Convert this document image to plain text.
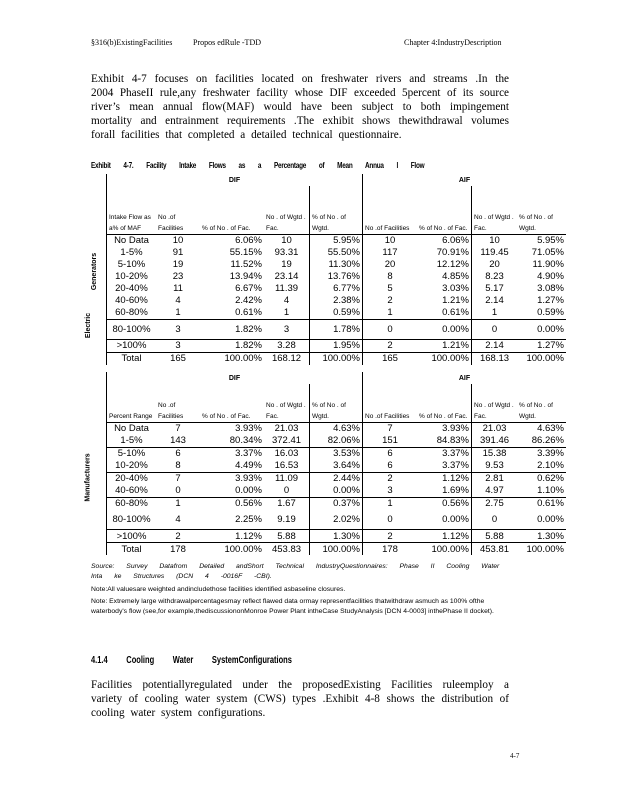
§316(b)ExistingFacilities	Propos edRule -TDD	Chapter 4:IndustryDescription
Exhibit 4-7 focuses on facilities located on freshwater rivers and streams .In the 2004 PhaseII rule,any freshwater facility whose DIF exceeded 5percent of its source river’s mean annual flow(MAF) would have been subject to both impingement mortality and entrainment requirements .The exhibit shows thewithdrawal volumes forall facilities that completed a detailed technical questionnaire.
Exhibit 4-7. Facility Intake Flows as a Percentage of Mean Annua l Flow
Generators
Electric	DIF					AIF			
	Intake Flow as a% of MAF	No .of Facilities	% of No . of Fac.	No . of Wgtd . Fac.	% of No . of Wgtd.	No .of Facilities	% of No . of Fac.	No . of Wgtd . Fac.	% of No . of Wgtd.
	No Data	10	6.06%	10	5.95%	10	6.06%	10	5.95%
	1-5%	91	55.15%	93.31	55.50%	117	70.91%	119.45	71.05%
	5-10%	19	11.52%	19	11.30%	20	12.12%	20	11.90%
	10-20%	23	13.94%	23.14	13.76%	8	4.85%	8.23	4.90%
	20-40%	11	6.67%	11.39	6.77%	5	3.03%	5.17	3.08%
	40-60%	4	2.42%	4	2.38%	2	1.21%	2.14	1.27%
	60-80%	1	0.61%	1	0.59%	1	0.61%	1	0.59%
	80-100%	3	1.82%	3	1.78%	0	0.00%	0	0.00%
	>100%	3	1.82%	3.28	1.95%	2	1.21%	2.14	1.27%
	Total	165	100.00%	168.12	100.00%	165	100.00%	168.13	100.00%
Manufacturers	DIF					AIF			
	Percent Range	No .of Facilities	% of No . of Fac.	No . of Wgtd . Fac.	% of No . of Wgtd.	No .of Facilities	% of No . of Fac.	No . of Wgtd . Fac.	% of No . of Wgtd.
	No Data	7	3.93%	21.03	4.63%	7	3.93%	21.03	4.63%
	1-5%	143	80.34%	372.41	82.06%	151	84.83%	391.46	86.26%
	5-10%	6	3.37%	16.03	3.53%	6	3.37%	15.38	3.39%
	10-20%	8	4.49%	16.53	3.64%	6	3.37%	9.53	2.10%
	20-40%	7	3.93%	11.09	2.44%	2	1.12%	2.81	0.62%
	40-60%	0	0.00%	0	0.00%	3	1.69%	4.97	1.10%
	60-80%	1	0.56%	1.67	0.37%	1	0.56%	2.75	0.61%
	80-100%	4	2.25%	9.19	2.02%	0	0.00%	0	0.00%
	>100%	2	1.12%	5.88	1.30%	2	1.12%	5.88	1.30%
	Total	178	100.00%	453.83	100.00%	178	100.00%	453.81	100.00%
Source: Survey Datafrom Detailed andShort Technical IndustryQuestionnaires: Phase II Cooling Water Inta ke Structures (DCN 4 -0016F -CBI).
Note:All valuesare weighted andincludethose facilities identified asbaseline closures.
Note: Extremely large withdrawalpercentagesmay reflect flawed data ormay representfacilities thatwithdraw asmuch as 100% ofthe waterbody's flow (see,for example,thediscussiononMonroe Power Plant intheCase StudyAnalysis [DCN 4-0003] inthePhase II docket).
4.1.4 Cooling Water SystemConfigurations
Facilities potentiallyregulated under the proposedExisting Facilities ruleemploy a variety of cooling water system (CWS) types .Exhibit 4-8 shows the distribution of cooling water system configurations.
4-7
